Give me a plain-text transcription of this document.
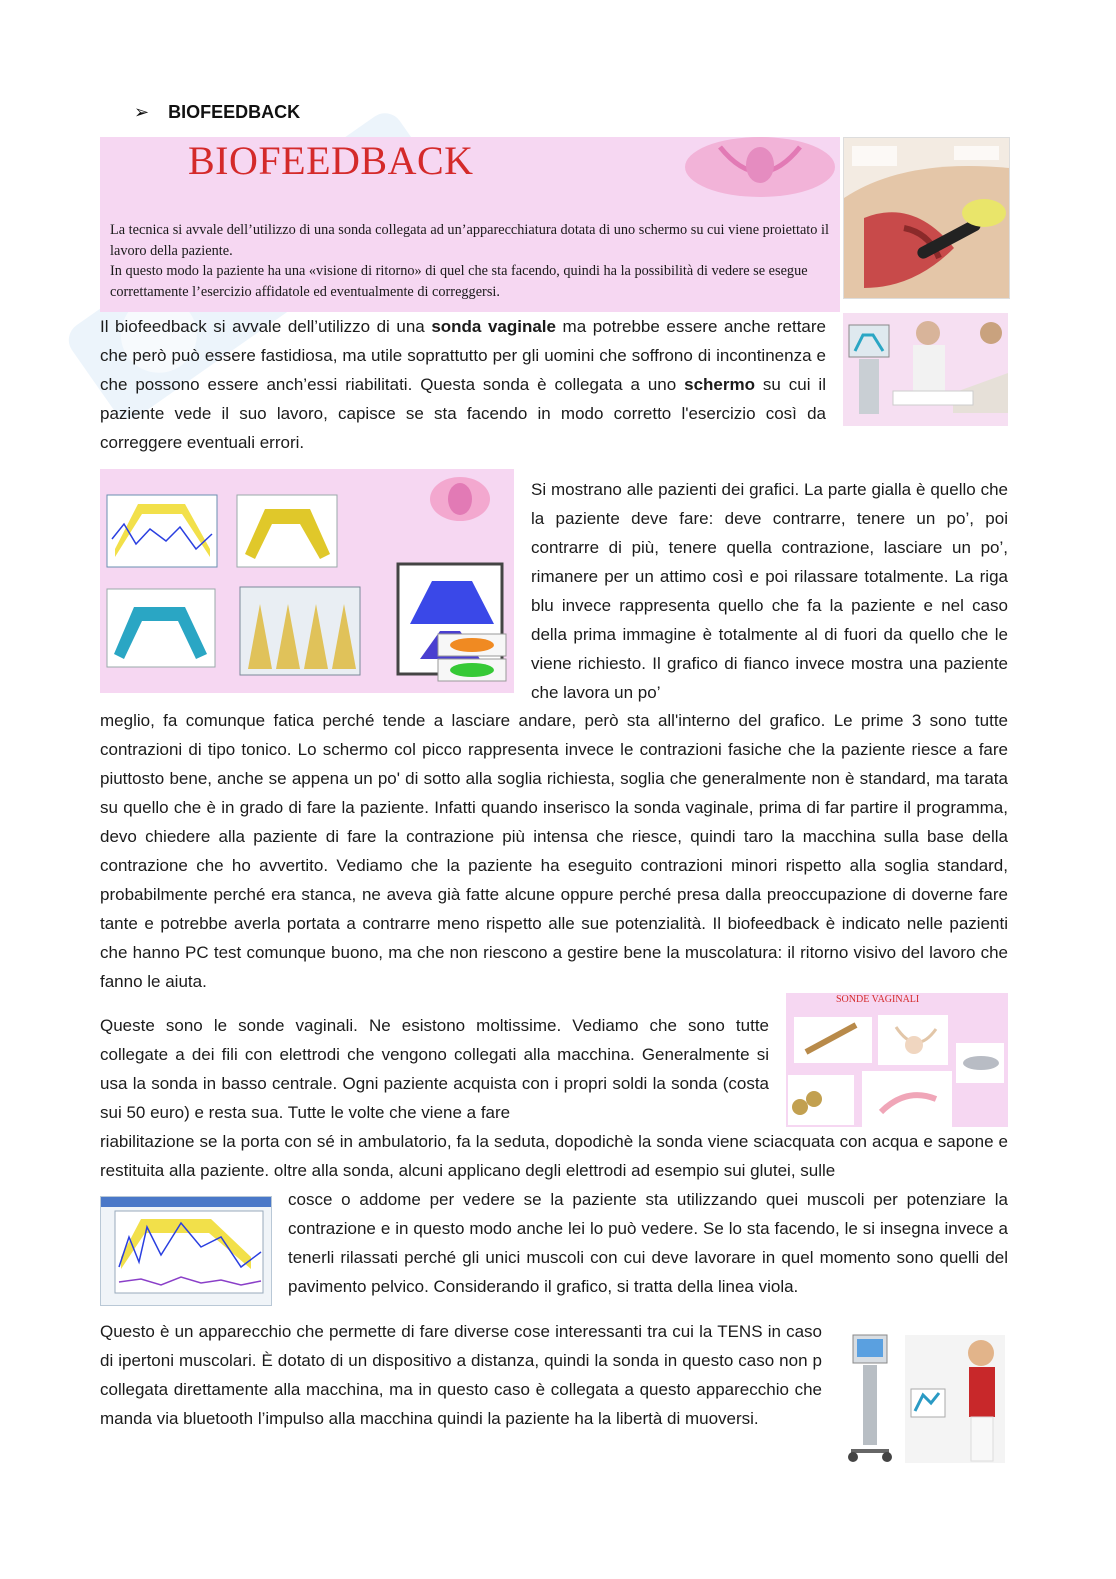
➢ BIOFEEDBACK
BIOFEEDBACK
La tecnica si avvale dell’utilizzo di una sonda collegata ad un’apparecchiatura dotata di uno schermo su cui viene proiettato il lavoro della paziente.
In questo modo la paziente ha una «visione di ritorno» di quel che sta facendo, quindi ha la possibilità di vedere se esegue correttamente l’esercizio affidatole ed eventualmente di correggersi.
Il biofeedback si avvale dell’utilizzo di una sonda vaginale ma potrebbe essere anche rettare che però può essere fastidiosa, ma utile soprattutto per gli uomini che soffrono di incontinenza e che possono essere anch’essi riabilitati. Questa sonda è collegata a uno schermo su cui il paziente vede il suo lavoro, capisce se sta facendo in modo corretto l'esercizio così da correggere eventuali errori.
Si mostrano alle pazienti dei grafici. La parte gialla è quello che la paziente deve fare: deve contrarre, tenere un po’, poi contrarre di più, tenere quella contrazione, lasciare un po’, rimanere per un attimo così e poi rilassare totalmente. La riga blu invece rappresenta quello che fa la paziente e nel caso della prima immagine è totalmente al di fuori da quello che le viene richiesto. Il grafico di fianco invece mostra una paziente che lavora un po’
meglio, fa comunque fatica perché tende a lasciare andare, però sta all'interno del grafico. Le prime 3 sono tutte contrazioni di tipo tonico. Lo schermo col picco rappresenta invece le contrazioni fasiche che la paziente riesce a fare piuttosto bene, anche se appena un po' di sotto alla soglia richiesta, soglia che generalmente non è standard, ma tarata su quello che è in grado di fare la paziente. Infatti quando inserisco la sonda vaginale, prima di far partire il programma, devo chiedere alla paziente di fare la contrazione più intensa che riesce, quindi taro la macchina sulla base della contrazione che ho avvertito. Vediamo che la paziente ha eseguito contrazioni minori rispetto alla soglia standard, probabilmente perché era stanca, ne aveva già fatte alcune oppure perché presa dalla preoccupazione di doverne fare tante e potrebbe averla portata a contrarre meno rispetto alle sue potenzialità. Il biofeedback è indicato nelle pazienti che hanno PC test comunque buono, ma che non riescono a gestire bene la muscolatura: il ritorno visivo del lavoro che fanno le aiuta.
SONDE VAGINALI
Queste sono le sonde vaginali. Ne esistono moltissime. Vediamo che sono tutte collegate a dei fili con elettrodi che vengono collegati alla macchina. Generalmente si usa la sonda in basso centrale. Ogni paziente acquista con i propri soldi la sonda (costa sui 50 euro) e resta sua. Tutte le volte che viene a fare
riabilitazione se la porta con sé in ambulatorio, fa la seduta, dopodichè la sonda viene sciacquata con acqua e sapone e restituita alla paziente. oltre alla sonda, alcuni applicano degli elettrodi ad esempio sui glutei, sulle
cosce o addome per vedere se la paziente sta utilizzando quei muscoli per potenziare la contrazione e in questo modo anche lei lo può vedere. Se lo sta facendo, le si insegna invece a tenerli rilassati perché gli unici muscoli con cui deve lavorare in quel momento sono quelli del pavimento pelvico. Considerando il grafico, si tratta della linea viola.
Questo è un apparecchio che permette di fare diverse cose interessanti tra cui la TENS in caso di ipertoni muscolari. È dotato di un dispositivo a distanza, quindi la sonda in questo caso non p collegata direttamente alla macchina, ma in questo caso è collegata a questo apparecchio che manda via bluetooth l’impulso alla macchina quindi la paziente ha la libertà di muoversi.
